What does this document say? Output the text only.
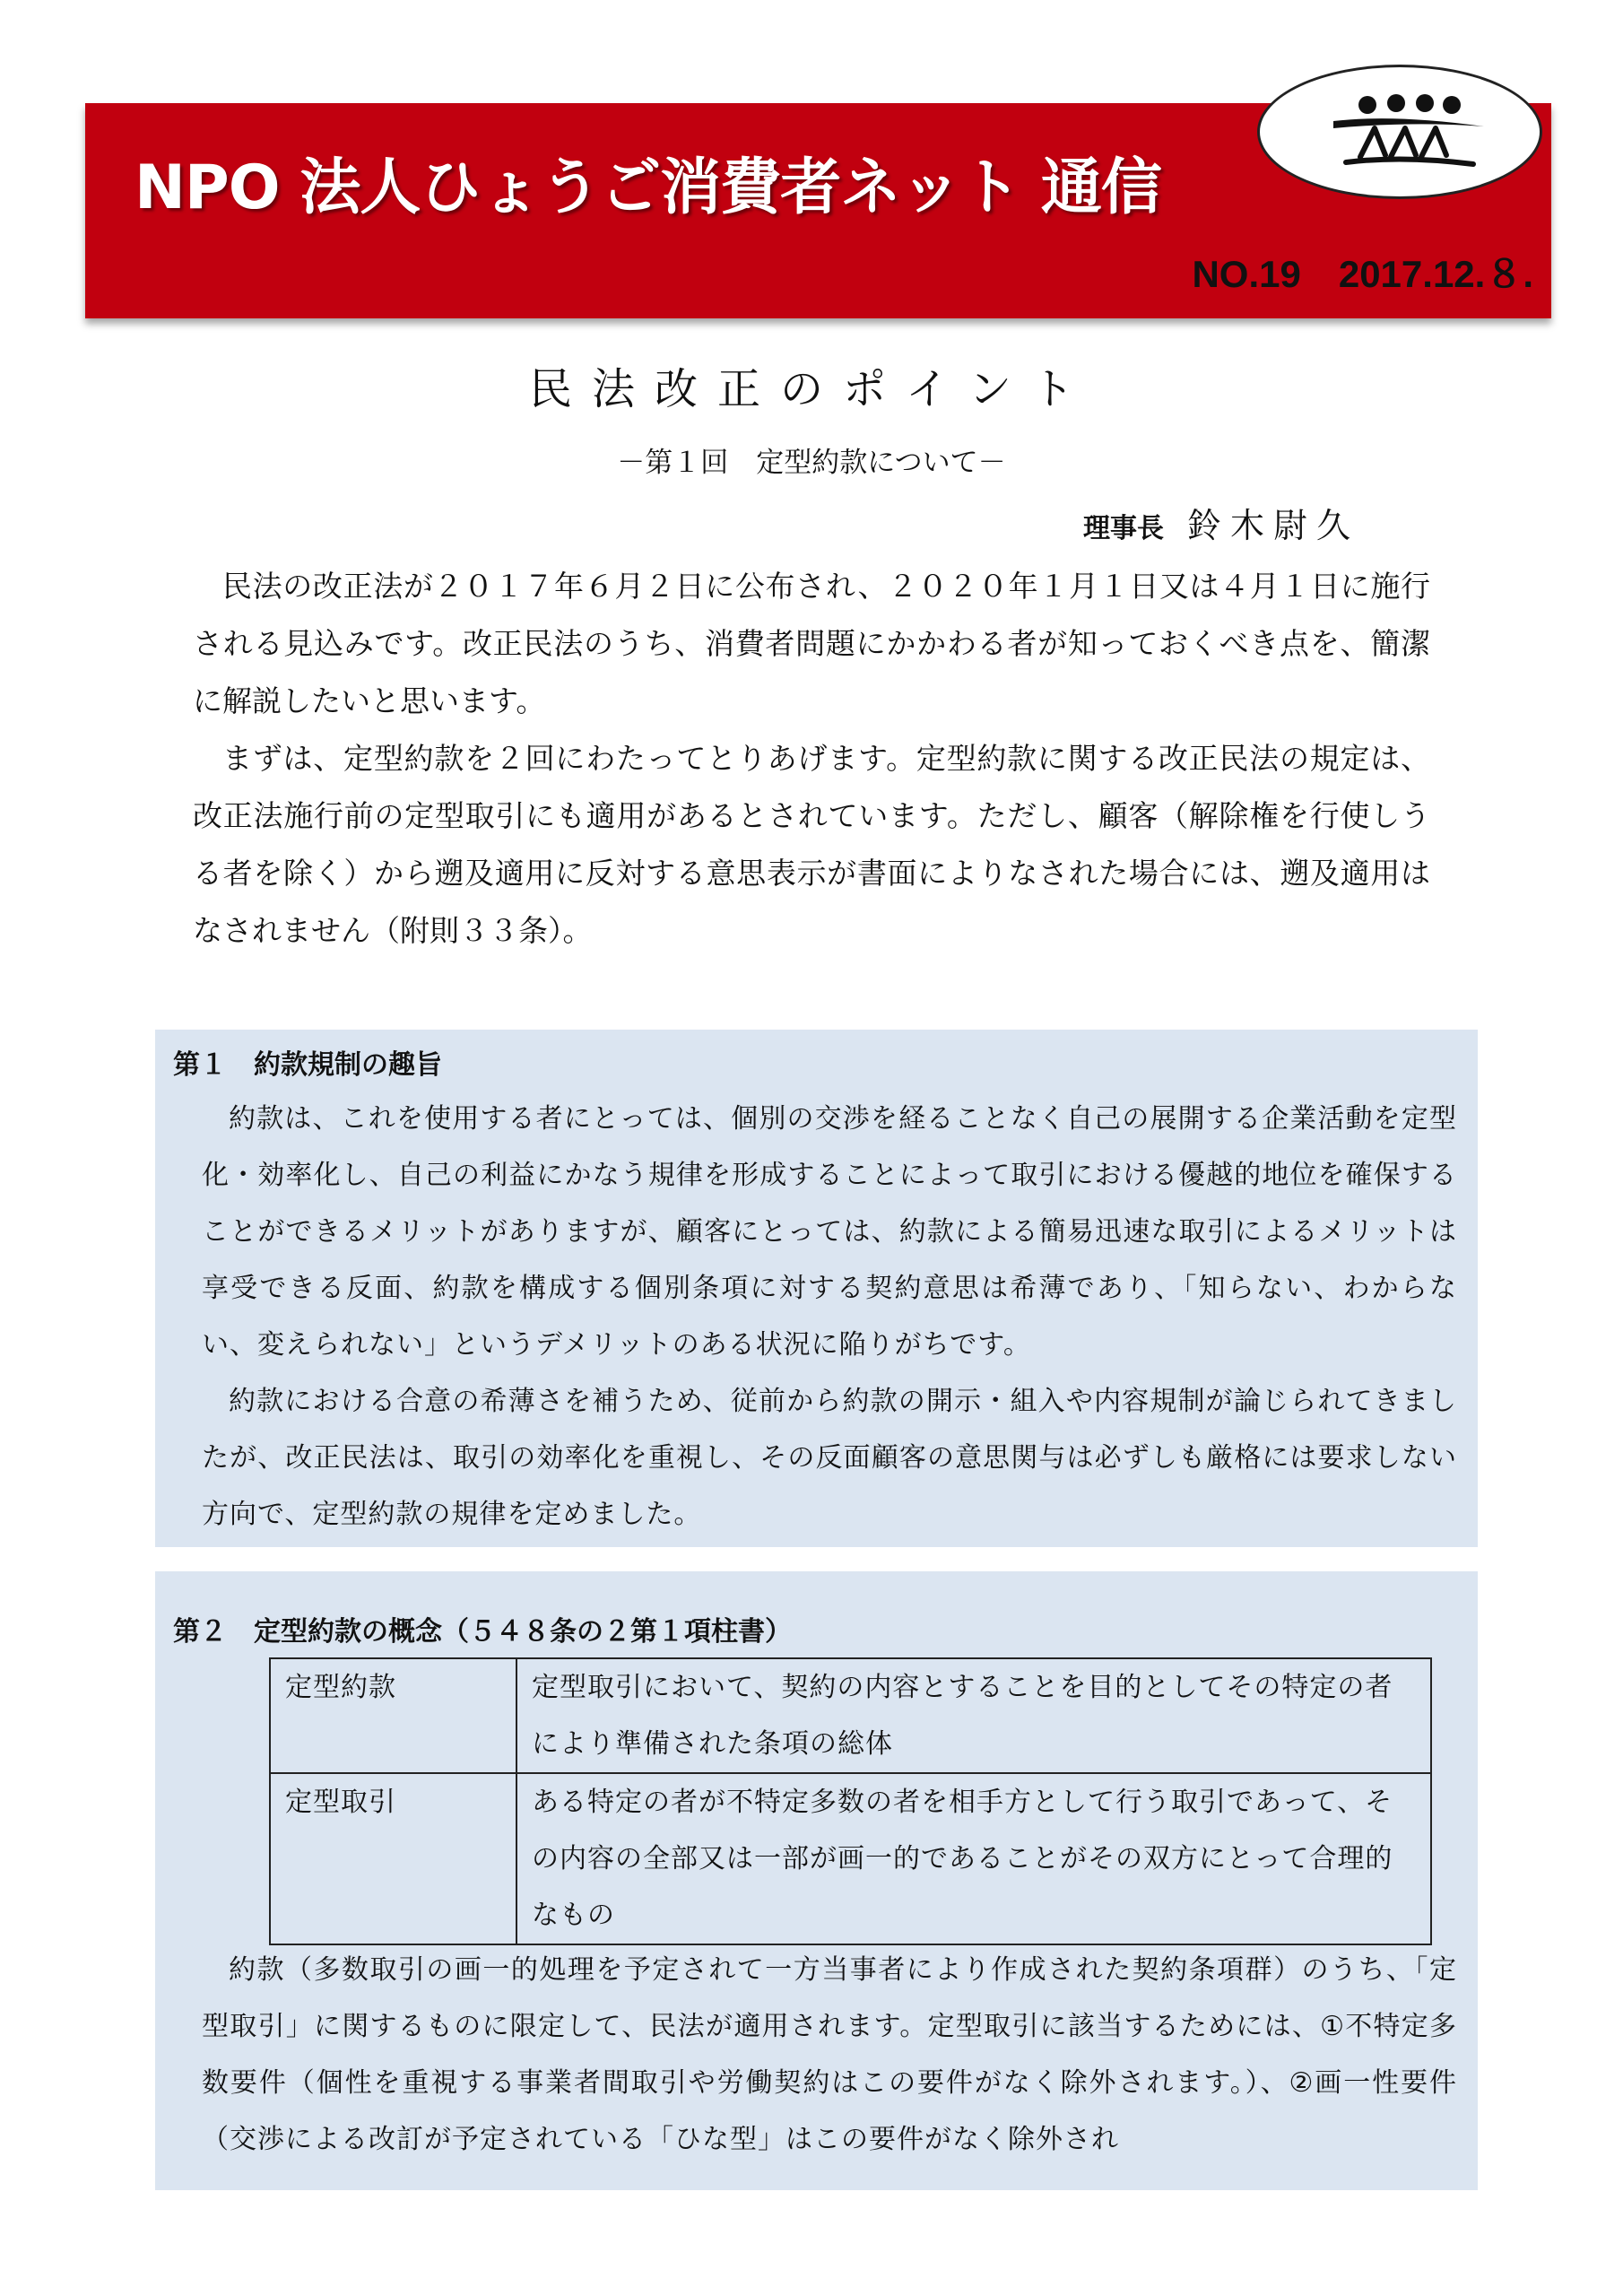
NPO 法人ひょうご消費者ネット 通信
NO.19　2017.12.８.
民法改正のポイント
－第１回　定型約款について－
理事長 鈴木尉久

民法の改正法が２０１７年６月２日に公布され、２０２０年１月１日又は４月１日に施行される見込みです。改正民法のうち、消費者問題にかかわる者が知っておくべき点を、簡潔に解説したいと思います。

まずは、定型約款を２回にわたってとりあげます。定型約款に関する改正民法の規定は、改正法施行前の定型取引にも適用があるとされています。ただし、顧客（解除権を行使しうる者を除く）から遡及適用に反対する意思表示が書面によりなされた場合には、遡及適用はなされません（附則３３条）。

第１　約款規制の趣旨

約款は、これを使用する者にとっては、個別の交渉を経ることなく自己の展開する企業活動を定型化・効率化し、自己の利益にかなう規律を形成することによって取引における優越的地位を確保することができるメリットがありますが、顧客にとっては、約款による簡易迅速な取引によるメリットは享受できる反面、約款を構成する個別条項に対する契約意思は希薄であり、「知らない、わからない、変えられない」というデメリットのある状況に陥りがちです。

約款における合意の希薄さを補うため、従前から約款の開示・組入や内容規制が論じられてきましたが、改正民法は、取引の効率化を重視し、その反面顧客の意思関与は必ずしも厳格には要求しない方向で、定型約款の規律を定めました。

第２　定型約款の概念（５４８条の２第１項柱書）
定型約款	定型取引において、契約の内容とすることを目的としてその特定の者により準備された条項の総体
定型取引	ある特定の者が不特定多数の者を相手方として行う取引であって、その内容の全部又は一部が画一的であることがその双方にとって合理的なもの

約款（多数取引の画一的処理を予定されて一方当事者により作成された契約条項群）のうち、「定型取引」に関するものに限定して、民法が適用されます。定型取引に該当するためには、①不特定多数要件（個性を重視する事業者間取引や労働契約はこの要件がなく除外されます。）、②画一性要件（交渉による改訂が予定されている「ひな型」はこの要件がなく除外され
